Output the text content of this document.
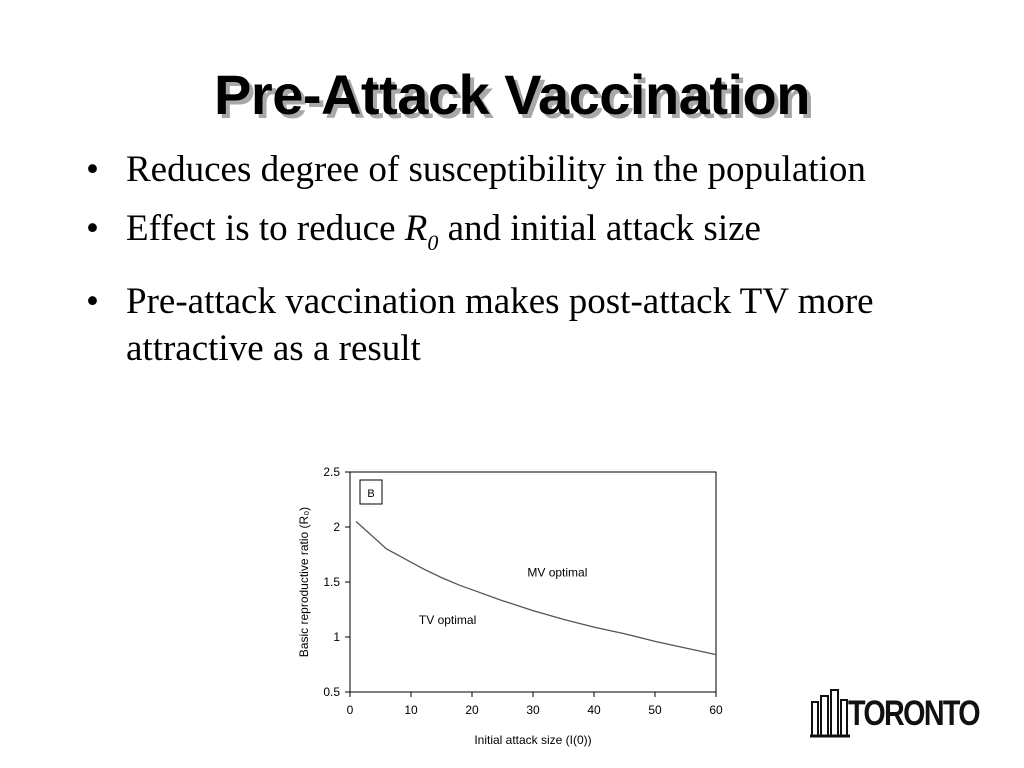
Pre-Attack Vaccination
• Reduces degree of susceptibility in the population
• Effect is to reduce $R_0$ and initial attack size
• Pre-attack vaccination makes post-attack TV more attractive as a result
0	10	20	30	40	50	60
0.5
1
1.5
2
2.5
Initial attack size (I(0))
Basic reproductive ratio (R₀)	MV optimal
TV optimal
B
TORONTO
